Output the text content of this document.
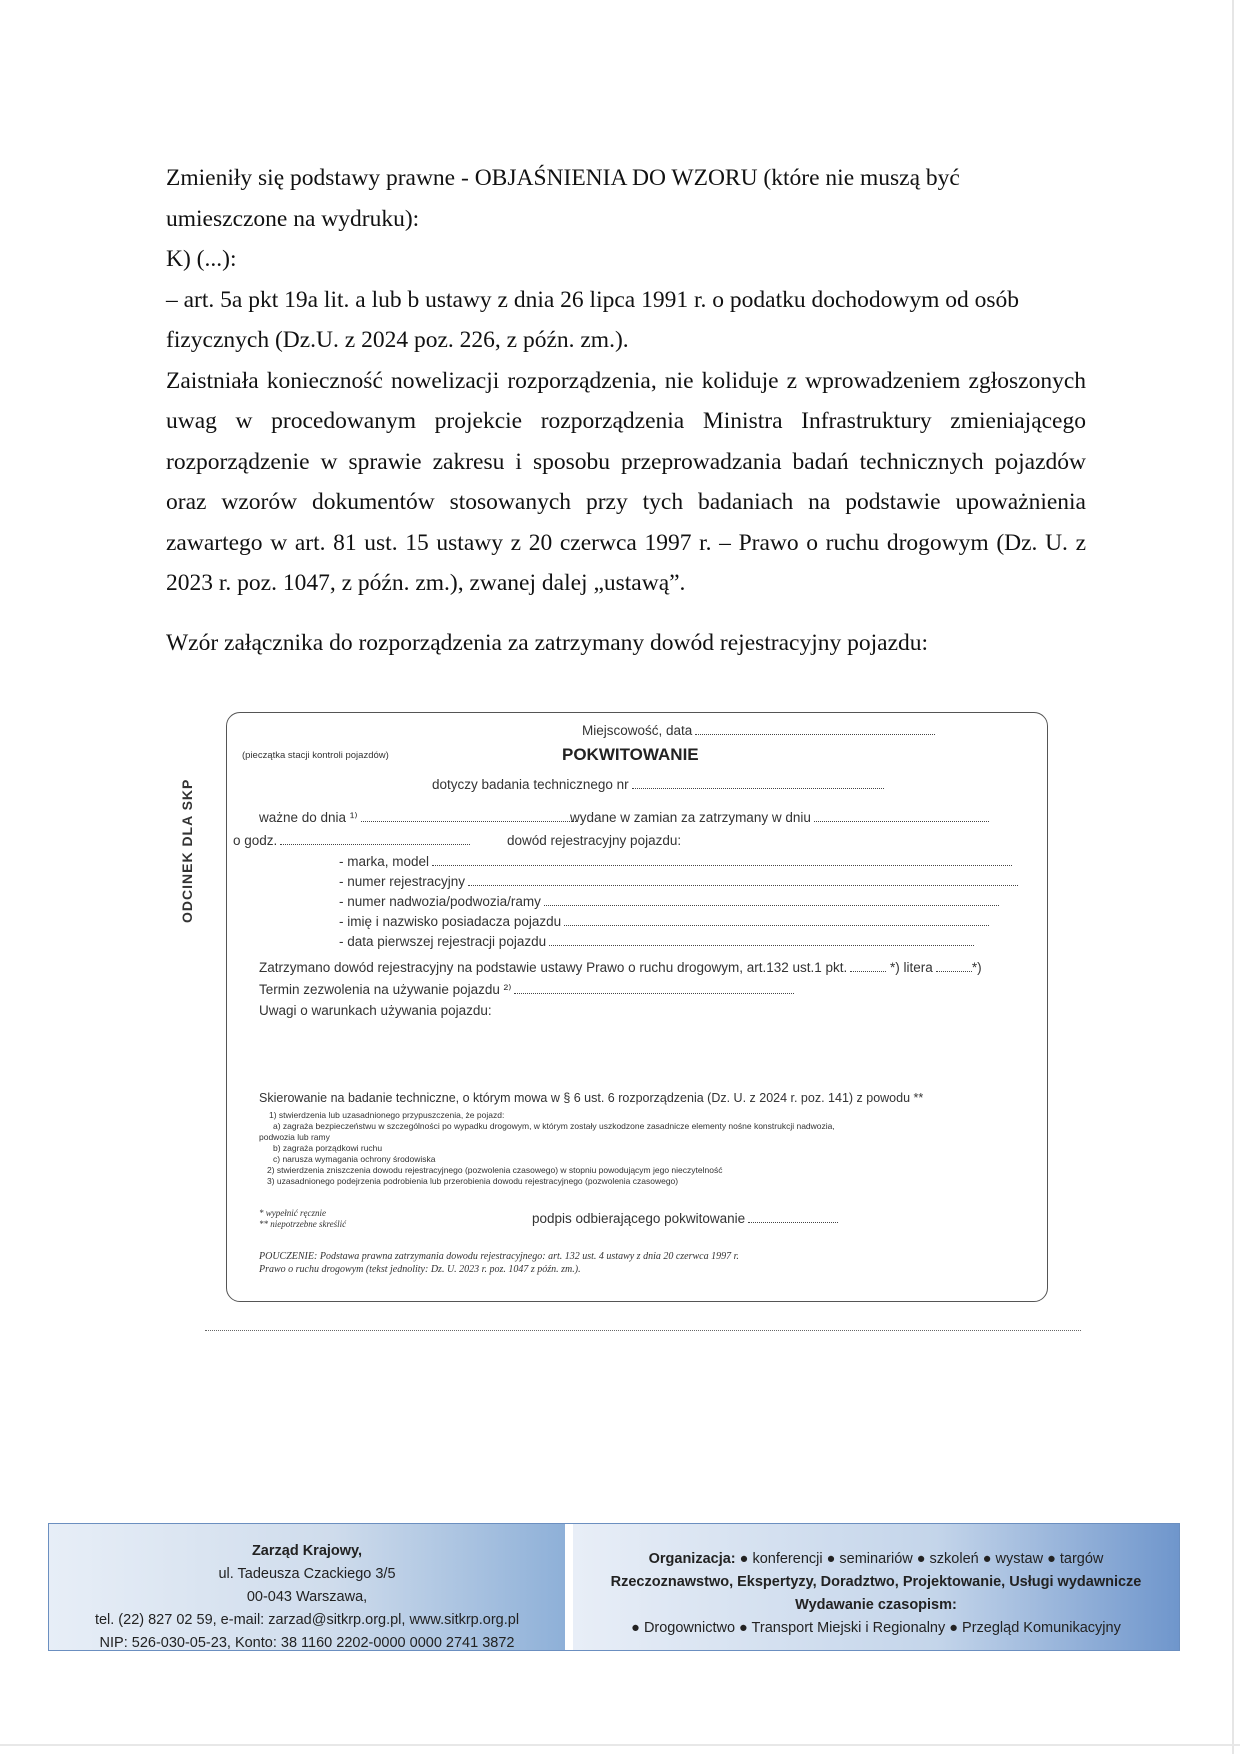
Zmieniły się podstawy prawne - OBJAŚNIENIA DO WZORU (które nie muszą być

umieszczone na wydruku):

K) (...):

– art. 5a pkt 19a lit. a lub b ustawy z dnia 26 lipca 1991 r. o podatku dochodowym od osób

fizycznych (Dz.U. z 2024 poz. 226, z późn. zm.).

Zaistniała konieczność nowelizacji rozporządzenia, nie koliduje z wprowadzeniem zgłoszonych

uwag w procedowanym projekcie rozporządzenia Ministra Infrastruktury zmieniającego

rozporządzenie w sprawie zakresu i sposobu przeprowadzania badań technicznych pojazdów

oraz wzorów dokumentów stosowanych przy tych badaniach na podstawie upoważnienia

zawartego w art. 81 ust. 15 ustawy z 20 czerwca 1997 r. – Prawo o ruchu drogowym (Dz. U. z

2023 r. poz. 1047, z późn. zm.), zwanej dalej „ustawą”.

Wzór załącznika do rozporządzenia za zatrzymany dowód rejestracyjny pojazdu:
ODCINEK DLA SKP
Miejscowość, data
(pieczątka stacji kontroli pojazdów)	POKWITOWANIE
dotyczy badania technicznego nr
ważne do dnia ¹⁾	wydane w zamian za zatrzymany w dniu
o godz.	dowód rejestracyjny pojazdu:
- marka, model
- numer rejestracyjny
- numer nadwozia/podwozia/ramy
- imię i nazwisko posiadacza pojazdu
- data pierwszej rejestracji pojazdu
Zatrzymano dowód rejestracyjny na podstawie ustawy Prawo o ruchu drogowym, art.132 ust.1 pkt.	*) litera	*)
Termin zezwolenia na używanie pojazdu ²⁾
Uwagi o warunkach używania pojazdu:
Skierowanie na badanie techniczne, o którym mowa w § 6 ust. 6 rozporządzenia (Dz. U. z 2024 r. poz. 141) z powodu **
1) stwierdzenia lub uzasadnionego przypuszczenia, że pojazd:
a) zagraża bezpieczeństwu w szczególności po wypadku drogowym, w którym zostały uszkodzone zasadnicze elementy nośne konstrukcji nadwozia,
podwozia lub ramy
b) zagraża porządkowi ruchu
c) narusza wymagania ochrony środowiska
2) stwierdzenia zniszczenia dowodu rejestracyjnego (pozwolenia czasowego) w stopniu powodującym jego nieczytelność
3) uzasadnionego podejrzenia podrobienia lub przerobienia dowodu rejestracyjnego (pozwolenia czasowego)
* wypełnić ręcznie
** niepotrzebne skreślić	podpis odbierającego pokwitowanie
POUCZENIE: Podstawa prawna zatrzymania dowodu rejestracyjnego: art. 132 ust. 4 ustawy z dnia 20 czerwca 1997 r.
Prawo o ruchu drogowym (tekst jednolity: Dz. U. 2023 r. poz. 1047 z późn. zm.).
Zarząd Krajowy,
ul. Tadeusza Czackiego 3/5
00-043 Warszawa,
tel. (22) 827 02 59, e-mail: zarzad@sitkrp.org.pl, www.sitkrp.org.pl
NIP: 526-030-05-23, Konto: 38 1160 2202-0000 0000 2741 3872
Organizacja: ● konferencji ● seminariów ● szkoleń ● wystaw ● targów
Rzeczoznawstwo, Ekspertyzy, Doradztwo, Projektowanie, Usługi wydawnicze
Wydawanie czasopism:
● Drogownictwo ● Transport Miejski i Regionalny ● Przegląd Komunikacyjny
